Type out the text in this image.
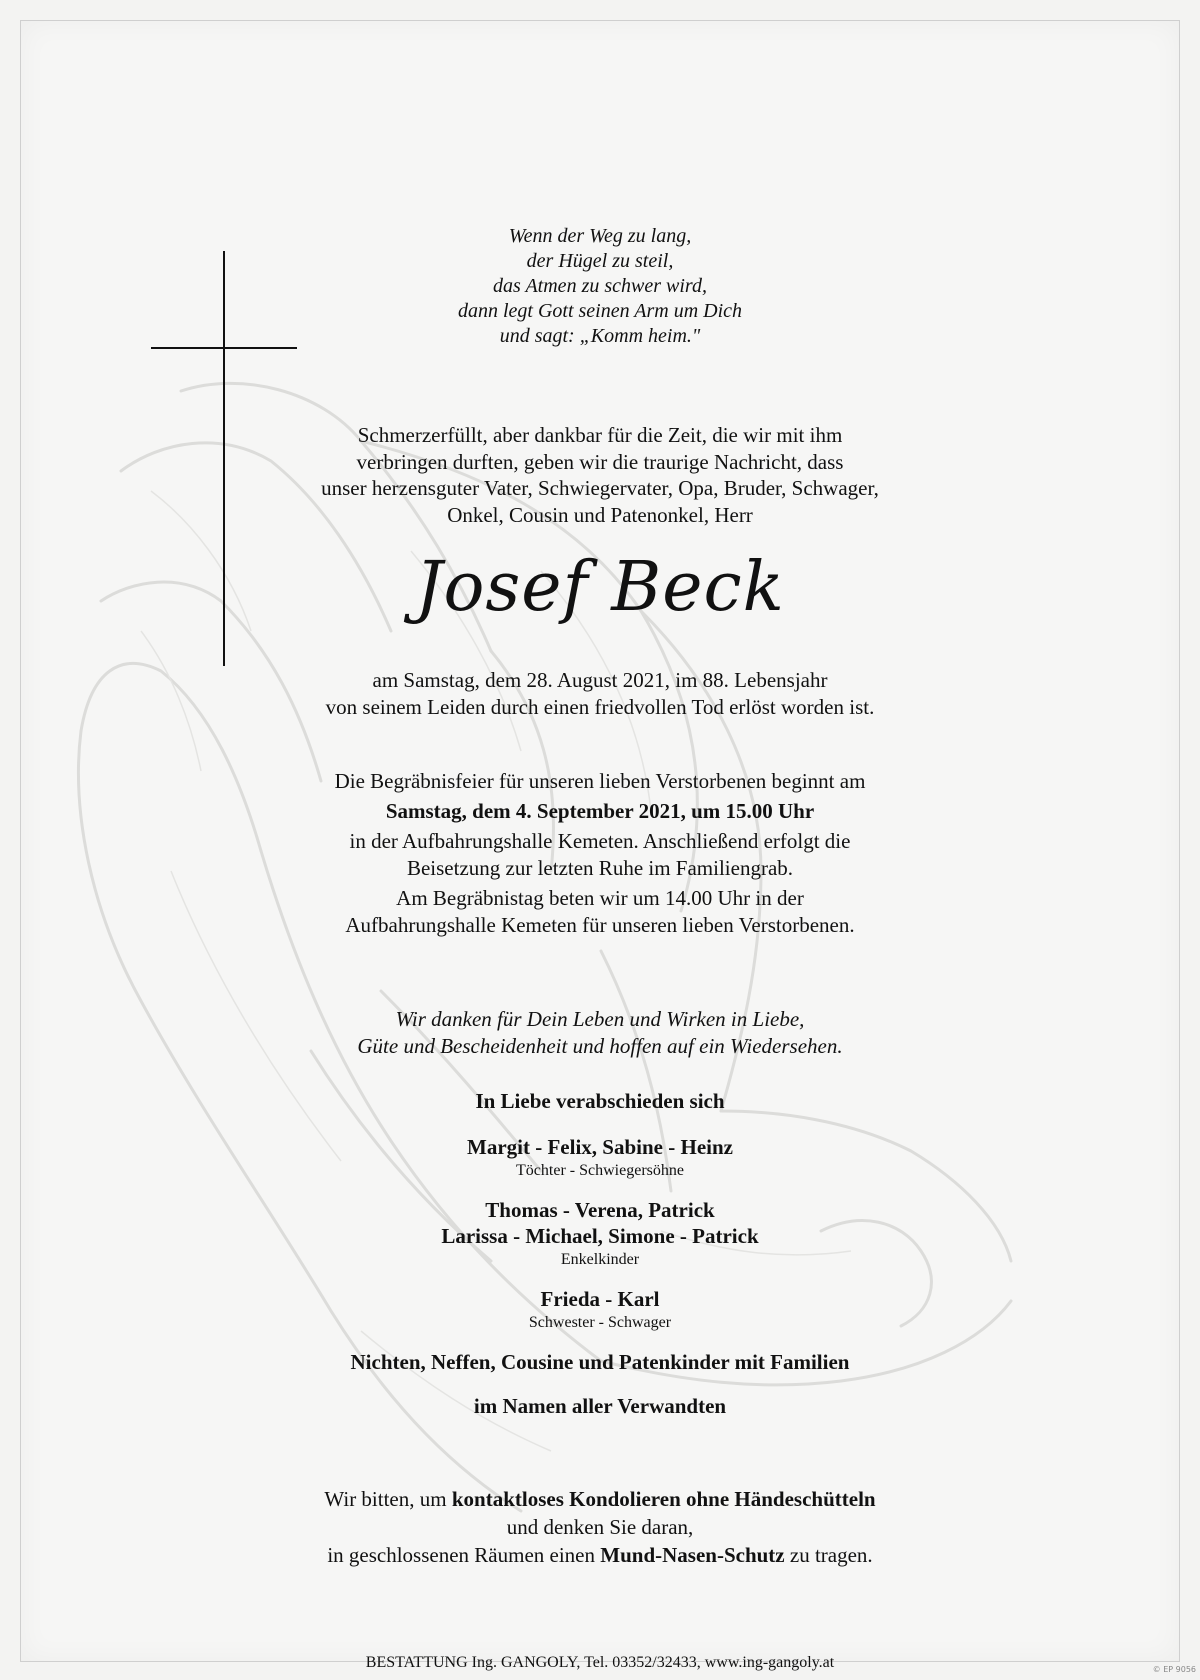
Wenn der Weg zu lang,
der Hügel zu steil,
das Atmen zu schwer wird,
dann legt Gott seinen Arm um Dich
und sagt: „Komm heim."
Schmerzerfüllt, aber dankbar für die Zeit, die wir mit ihm
verbringen durften, geben wir die traurige Nachricht, dass
unser herzensguter Vater, Schwiegervater, Opa, Bruder, Schwager,
Onkel, Cousin und Patenonkel, Herr
Josef Beck
am Samstag, dem 28. August 2021, im 88. Lebensjahr
von seinem Leiden durch einen friedvollen Tod erlöst worden ist.
Die Begräbnisfeier für unseren lieben Verstorbenen beginnt am
Samstag, dem 4. September 2021, um 15.00 Uhr
in der Aufbahrungshalle Kemeten. Anschließend erfolgt die
Beisetzung zur letzten Ruhe im Familiengrab.
Am Begräbnistag beten wir um 14.00 Uhr in der
Aufbahrungshalle Kemeten für unseren lieben Verstorbenen.
Wir danken für Dein Leben und Wirken in Liebe,
Güte und Bescheidenheit und hoffen auf ein Wiedersehen.
In Liebe verabschieden sich
Margit - Felix, Sabine - Heinz
Töchter - Schwiegersöhne
Thomas - Verena, Patrick
Larissa - Michael, Simone - Patrick
Enkelkinder
Frieda - Karl
Schwester - Schwager
Nichten, Neffen, Cousine und Patenkinder mit Familien
im Namen aller Verwandten
Wir bitten, um kontaktloses Kondolieren ohne Händeschütteln
und denken Sie daran,
in geschlossenen Räumen einen Mund-Nasen-Schutz zu tragen.
BESTATTUNG Ing. GANGOLY, Tel. 03352/32433, www.ing-gangoly.at	© EP 9056
